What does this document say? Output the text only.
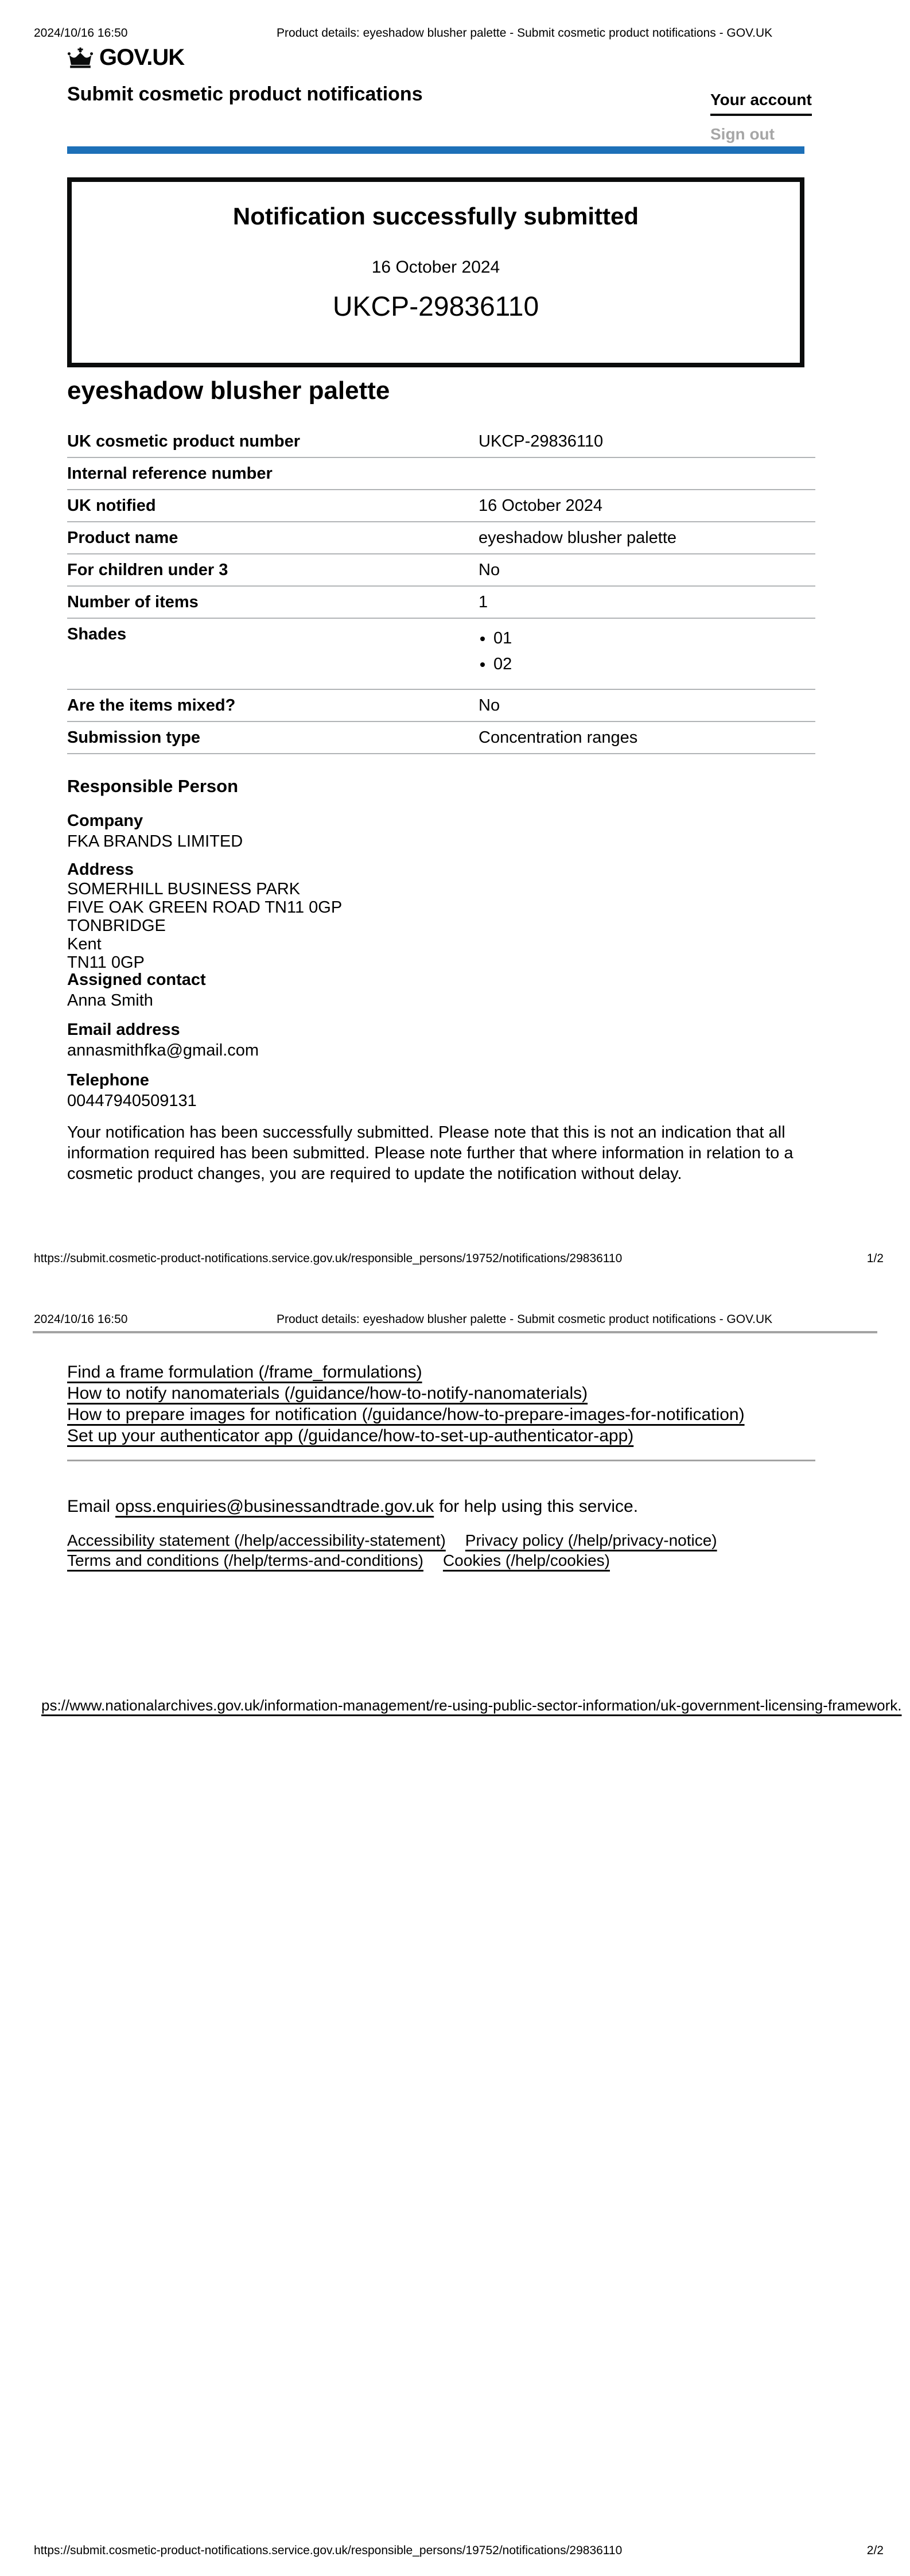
2024/10/16 16:50	Product details: eyeshadow blusher palette - Submit cosmetic product notifications - GOV.UK
GOV.UK
Submit cosmetic product notifications	Your account
Sign out
Notification successfully submitted
16 October 2024
UKCP-29836110
eyeshadow blusher palette
UK cosmetic product number	UKCP-29836110
Internal reference number
UK notified	16 October 2024
Product name	eyeshadow blusher palette
For children under 3	No
Number of items	1
Shades	• 01
• 02
Are the items mixed?	No
Submission type	Concentration ranges
Responsible Person
Company
FKA BRANDS LIMITED
Address
SOMERHILL BUSINESS PARK
FIVE OAK GREEN ROAD TN11 0GP
TONBRIDGE
Kent
TN11 0GP
Assigned contact
Anna Smith
Email address
annasmithfka@gmail.com
Telephone
00447940509131

Your notification has been successfully submitted. Please note that this is not an indication that all information required has been submitted. Please note further that where information in relation to a cosmetic product changes, you are required to update the notification without delay.

https://submit.cosmetic-product-notifications.service.gov.uk/responsible_persons/19752/notifications/29836110	1/2
2024/10/16 16:50	Product details: eyeshadow blusher palette - Submit cosmetic product notifications - GOV.UK
Find a frame formulation (/frame_formulations)
How to notify nanomaterials (/guidance/how-to-notify-nanomaterials)
How to prepare images for notification (/guidance/how-to-prepare-images-for-notification)
Set up your authenticator app (/guidance/how-to-set-up-authenticator-app)

Email opss.enquiries@businessandtrade.gov.uk for help using this service.

Accessibility statement (/help/accessibility-statement) Privacy policy (/help/privacy-notice)
Terms and conditions (/help/terms-and-conditions) Cookies (/help/cookies)
ps://www.nationalarchives.gov.uk/information-management/re-using-public-sector-information/uk-government-licensing-framework.
https://submit.cosmetic-product-notifications.service.gov.uk/responsible_persons/19752/notifications/29836110	2/2
